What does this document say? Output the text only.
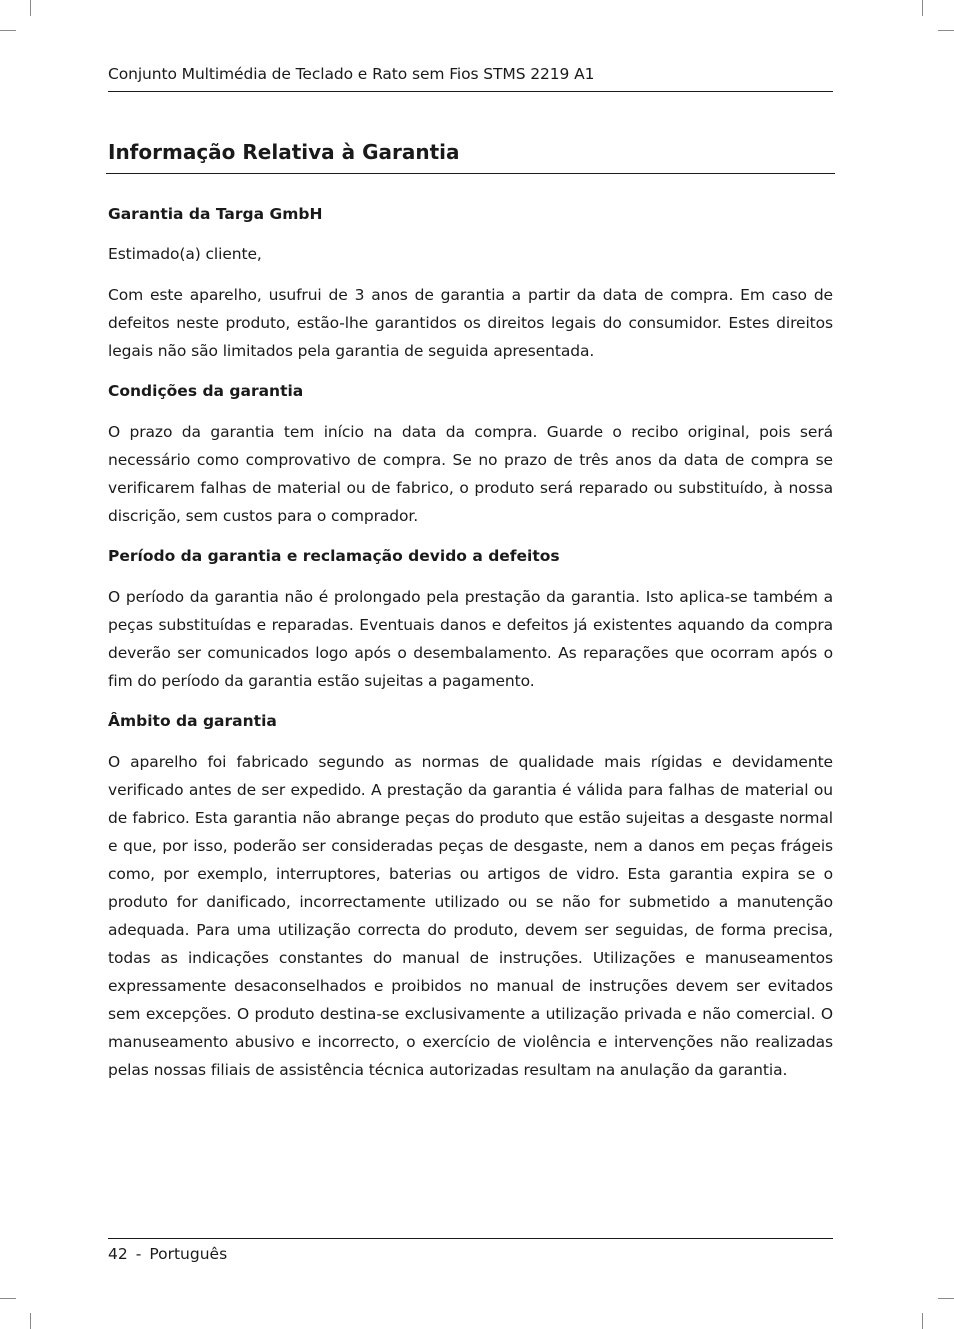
Conjunto Multimédia de Teclado e Rato sem Fios STMS 2219 A1
Informação Relativa à Garantia
Garantia da Targa GmbH

Estimado(a) cliente,

Com este aparelho, usufrui de 3 anos de garantia a partir da data de compra. Em caso de defeitos neste produto, estão-lhe garantidos os direitos legais do consumidor. Estes direitos legais não são limitados pela garantia de seguida apresentada.

Condições da garantia

O prazo da garantia tem início na data da compra. Guarde o recibo original, pois será necessário como comprovativo de compra. Se no prazo de três anos da data de compra se verificarem falhas de material ou de fabrico, o produto será reparado ou substituído, à nossa discrição, sem custos para o comprador.

Período da garantia e reclamação devido a defeitos

O período da garantia não é prolongado pela prestação da garantia. Isto aplica-se também a peças substituídas e reparadas. Eventuais danos e defeitos já existentes aquando da compra deverão ser comunicados logo após o desembalamento. As reparações que ocorram após o fim do período da garantia estão sujeitas a pagamento.

Âmbito da garantia

O aparelho foi fabricado segundo as normas de qualidade mais rígidas e devidamente verificado antes de ser expedido. A prestação da garantia é válida para falhas de material ou de fabrico. Esta garantia não abrange peças do produto que estão sujeitas a desgaste normal e que, por isso, poderão ser consideradas peças de desgaste, nem a danos em peças frágeis como, por exemplo, interruptores, baterias ou artigos de vidro. Esta garantia expira se o produto for danificado, incorrectamente utilizado ou se não for submetido a manutenção adequada. Para uma utilização correcta do produto, devem ser seguidas, de forma precisa, todas as indicações constantes do manual de instruções. Utilizações e manuseamentos expressamente desaconselhados e proibidos no manual de instruções devem ser evitados sem excepções. O produto destina-se exclusivamente a utilização privada e não comercial. O manuseamento abusivo e incorrecto, o exercício de violência e intervenções não realizadas pelas nossas filiais de assistência técnica autorizadas resultam na anulação da garantia.

42 - Português
